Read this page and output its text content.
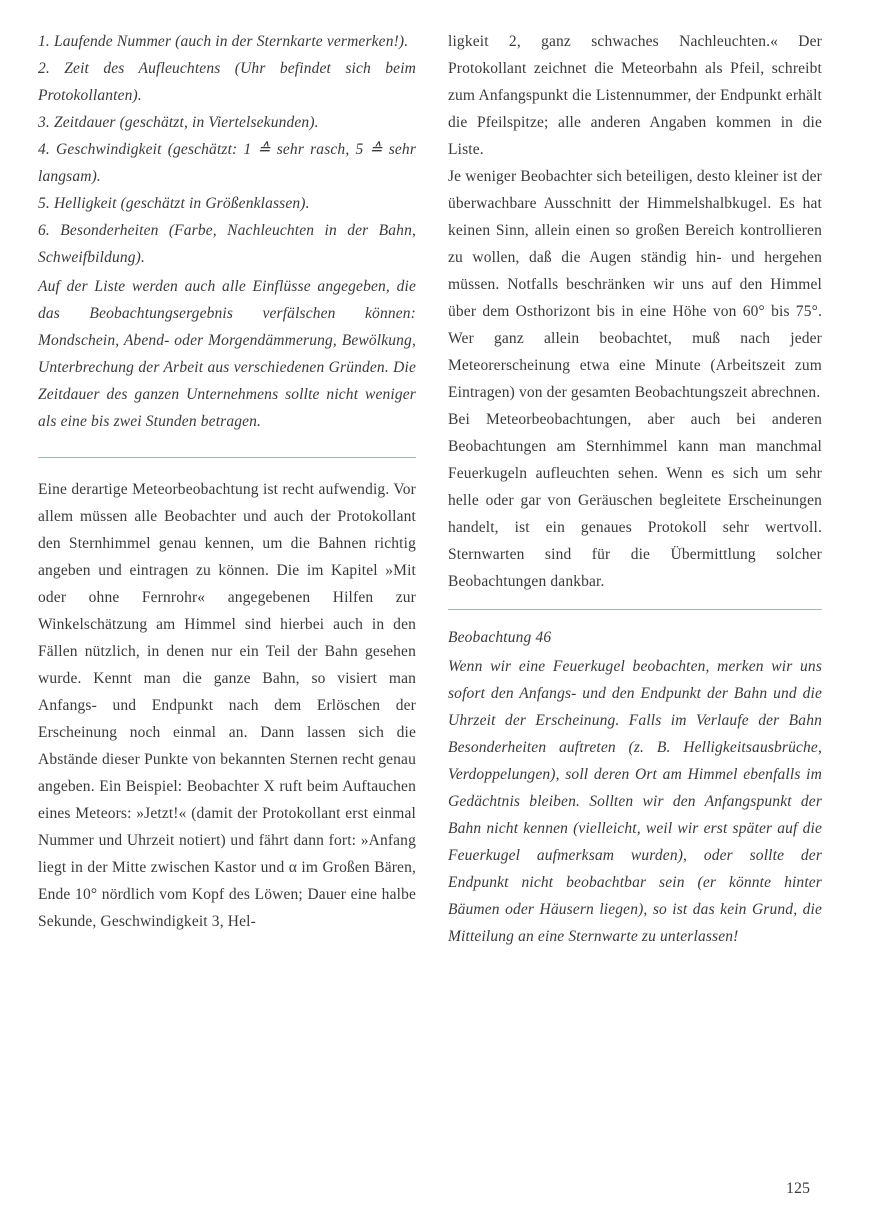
1. Laufende Nummer (auch in der Sternkarte vermerken!).

2. Zeit des Aufleuchtens (Uhr befindet sich beim Protokollanten).

3. Zeitdauer (geschätzt, in Viertelsekunden).

4. Geschwindigkeit (geschätzt: 1 ≙ sehr rasch, 5 ≙ sehr langsam).

5. Helligkeit (geschätzt in Größenklassen).

6. Besonderheiten (Farbe, Nachleuchten in der Bahn, Schweifbildung).

Auf der Liste werden auch alle Einflüsse angegeben, die das Beobachtungsergebnis verfälschen können: Mondschein, Abend- oder Morgendämmerung, Bewölkung, Unterbrechung der Arbeit aus verschiedenen Gründen. Die Zeitdauer des ganzen Unternehmens sollte nicht weniger als eine bis zwei Stunden betragen.

Eine derartige Meteorbeobachtung ist recht aufwendig. Vor allem müssen alle Beobachter und auch der Protokollant den Sternhimmel genau kennen, um die Bahnen richtig angeben und eintragen zu können. Die im Kapitel »Mit oder ohne Fernrohr« angegebenen Hilfen zur Winkelschätzung am Himmel sind hierbei auch in den Fällen nützlich, in denen nur ein Teil der Bahn gesehen wurde. Kennt man die ganze Bahn, so visiert man Anfangs- und Endpunkt nach dem Erlöschen der Erscheinung noch einmal an. Dann lassen sich die Abstände dieser Punkte von bekannten Sternen recht genau angeben. Ein Beispiel: Beobachter X ruft beim Auftauchen eines Meteors: »Jetzt!« (damit der Protokollant erst einmal Nummer und Uhrzeit notiert) und fährt dann fort: »Anfang liegt in der Mitte zwischen Kastor und α im Großen Bären, Ende 10° nördlich vom Kopf des Löwen; Dauer eine halbe Sekunde, Geschwindigkeit 3, Hel-

ligkeit 2, ganz schwaches Nachleuchten.« Der Protokollant zeichnet die Meteorbahn als Pfeil, schreibt zum Anfangspunkt die Listennummer, der Endpunkt erhält die Pfeilspitze; alle anderen Angaben kommen in die Liste.

Je weniger Beobachter sich beteiligen, desto kleiner ist der überwachbare Ausschnitt der Himmelshalbkugel. Es hat keinen Sinn, allein einen so großen Bereich kontrollieren zu wollen, daß die Augen ständig hin- und hergehen müssen. Notfalls beschränken wir uns auf den Himmel über dem Osthorizont bis in eine Höhe von 60° bis 75°. Wer ganz allein beobachtet, muß nach jeder Meteorerscheinung etwa eine Minute (Arbeitszeit zum Eintragen) von der gesamten Beobachtungszeit abrechnen.

Bei Meteorbeobachtungen, aber auch bei anderen Beobachtungen am Sternhimmel kann man manchmal Feuerkugeln aufleuchten sehen. Wenn es sich um sehr helle oder gar von Geräuschen begleitete Erscheinungen handelt, ist ein genaues Protokoll sehr wertvoll. Sternwarten sind für die Übermittlung solcher Beobachtungen dankbar.

Beobachtung 46

Wenn wir eine Feuerkugel beobachten, merken wir uns sofort den Anfangs- und den Endpunkt der Bahn und die Uhrzeit der Erscheinung. Falls im Verlaufe der Bahn Besonderheiten auftreten (z. B. Helligkeitsausbrüche, Verdoppelungen), soll deren Ort am Himmel ebenfalls im Gedächtnis bleiben. Sollten wir den Anfangspunkt der Bahn nicht kennen (vielleicht, weil wir erst später auf die Feuerkugel aufmerksam wurden), oder sollte der Endpunkt nicht beobachtbar sein (er könnte hinter Bäumen oder Häusern liegen), so ist das kein Grund, die Mitteilung an eine Sternwarte zu unterlassen!

125
